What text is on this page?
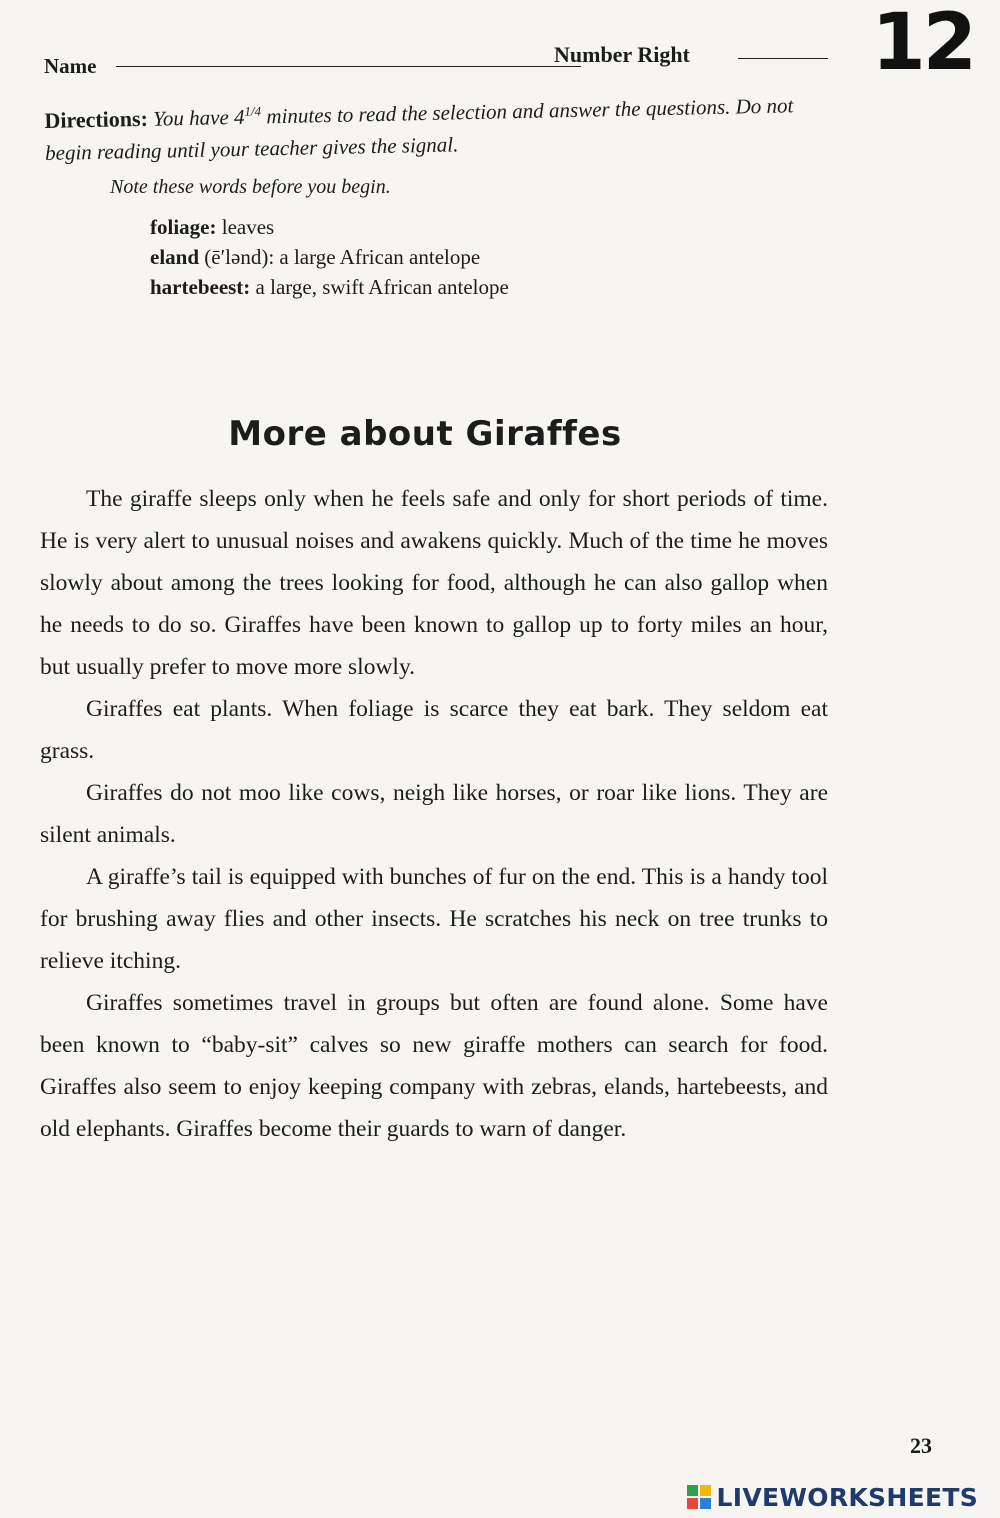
12
Name	Number Right
Directions: You have $4^{1/4}$ minutes to read the selection and answer the questions. Do not begin reading until your teacher gives the signal.
Note these words before you begin.
foliage: leaves
eland (ē′lənd): a large African antelope
hartebeest: a large, swift African antelope
More about Giraffes

The giraffe sleeps only when he feels safe and only for short periods of time. He is very alert to unusual noises and awakens quickly. Much of the time he moves slowly about among the trees looking for food, although he can also gallop when he needs to do so. Giraffes have been known to gallop up to forty miles an hour, but usually prefer to move more slowly.

Giraffes eat plants. When foliage is scarce they eat bark. They seldom eat grass.

Giraffes do not moo like cows, neigh like horses, or roar like lions. They are silent animals.

A giraffe’s tail is equipped with bunches of fur on the end. This is a handy tool for brushing away flies and other insects. He scratches his neck on tree trunks to relieve itching.

Giraffes sometimes travel in groups but often are found alone. Some have been known to “baby-sit” calves so new giraffe mothers can search for food. Giraffes also seem to enjoy keeping company with zebras, elands, hartebeests, and old elephants. Giraffes become their guards to warn of danger.

23
LIVEWORKSHEETS
